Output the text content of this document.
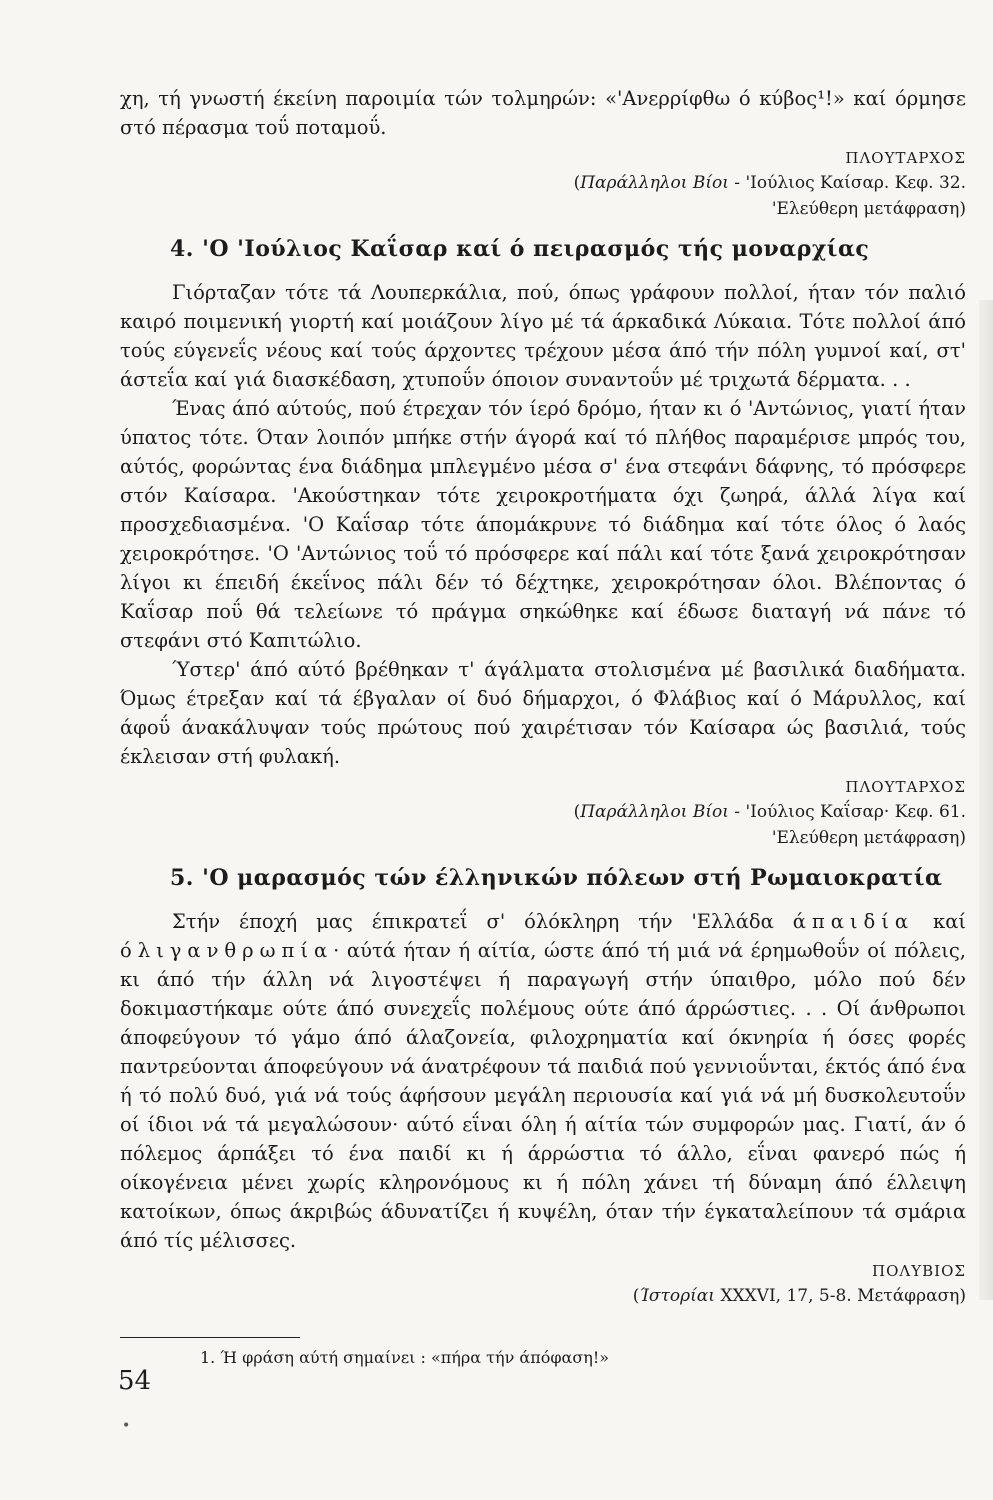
χη, τή γνωστή έκείνη παροιμία τών τολμηρών: «'Ανερρίφθω ό κύβος¹!» καί όρμησε στό πέρασμα τοΰ ποταμοΰ.

ΠΛΟΥΤΑΡΧΟΣ
(Παράλληλοι Βίοι - 'Ιούλιος Καίσαρ. Κεφ. 32.
'Ελεύθερη μετάφραση)
4. 'Ο 'Ιούλιος Καΐσαρ καί ό πειρασμός τής μοναρχίας

Γιόρταζαν τότε τά Λουπερκάλια, πού, όπως γράφουν πολλοί, ήταν τόν παλιό καιρό ποιμενική γιορτή καί μοιάζουν λίγο μέ τά άρκαδικά Λύκαια. Τότε πολλοί άπό τούς εύγενεΐς νέους καί τούς άρχοντες τρέχουν μέσα άπό τήν πόλη γυμνοί καί, στ' άστεΐα καί γιά διασκέδαση, χτυποΰν όποιον συναντοΰν μέ τριχωτά δέρματα. . .

Ένας άπό αύτούς, πού έτρεχαν τόν ίερό δρόμο, ήταν κι ό 'Αντώνιος, γιατί ήταν ύπατος τότε. Όταν λοιπόν μπήκε στήν άγορά καί τό πλήθος παραμέρισε μπρός του, αύτός, φορώντας ένα διάδημα μπλεγμένο μέσα σ' ένα στεφάνι δάφνης, τό πρόσφερε στόν Καίσαρα. 'Ακούστηκαν τότε χειροκροτήματα όχι ζωηρά, άλλά λίγα καί προσχεδιασμένα. 'Ο Καΐσαρ τότε άπομάκρυνε τό διάδημα καί τότε όλος ό λαός χειροκρότησε. 'Ο 'Αντώνιος τοΰ τό πρόσφερε καί πάλι καί τότε ξανά χειροκρότησαν λίγοι κι έπειδή έκεΐνος πάλι δέν τό δέχτηκε, χειροκρότησαν όλοι. Βλέποντας ό Καΐσαρ ποΰ θά τελείωνε τό πράγμα σηκώθηκε καί έδωσε διαταγή νά πάνε τό στεφάνι στό Καπιτώλιο.

Ύστερ' άπό αύτό βρέθηκαν τ' άγάλματα στολισμένα μέ βασιλικά διαδήματα. Όμως έτρεξαν καί τά έβγαλαν οί δυό δήμαρχοι, ό Φλάβιος καί ό Μάρυλλος, καί άφοΰ άνακάλυψαν τούς πρώτους πού χαιρέτισαν τόν Καίσαρα ώς βασιλιά, τούς έκλεισαν στή φυλακή.

ΠΛΟΥΤΑΡΧΟΣ
(Παράλληλοι Βίοι - 'Ιούλιος Καΐσαρ· Κεφ. 61.
'Ελεύθερη μετάφραση)
5. 'Ο μαρασμός τών έλληνικών πόλεων στή Ρωμαιοκρατία

Στήν έποχή μας έπικρατεΐ σ' όλόκληρη τήν 'Ελλάδα άπαιδία καί όλιγανθρωπία· αύτά ήταν ή αίτία, ώστε άπό τή μιά νά έρημωθοΰν οί πόλεις, κι άπό τήν άλλη νά λιγοστέψει ή παραγωγή στήν ύπαιθρο, μόλο πού δέν δοκιμαστήκαμε ούτε άπό συνεχεΐς πολέμους ούτε άπό άρρώστιες. . . Οί άνθρωποι άποφεύγουν τό γάμο άπό άλαζονεία, φιλοχρηματία καί όκνηρία ή όσες φορές παντρεύονται άποφεύγουν νά άνατρέφουν τά παιδιά πού γεννιοΰνται, έκτός άπό ένα ή τό πολύ δυό, γιά νά τούς άφήσουν μεγάλη περιουσία καί γιά νά μή δυσκολευτοΰν οί ίδιοι νά τά μεγαλώσουν· αύτό εΐναι όλη ή αίτία τών συμφορών μας. Γιατί, άν ό πόλεμος άρπάξει τό ένα παιδί κι ή άρρώστια τό άλλο, εΐναι φανερό πώς ή οίκογένεια μένει χωρίς κληρονόμους κι ή πόλη χάνει τή δύναμη άπό έλλειψη κατοίκων, όπως άκριβώς άδυνατίζει ή κυψέλη, όταν τήν έγκαταλείπουν τά σμάρια άπό τίς μέλισσες.

ΠΟΛΥΒΙΟΣ
(Ίστορίαι XXXVI, 17, 5-8. Μετάφραση)
1. Ή φράση αύτή σημαίνει : «πήρα τήν άπόφαση!»
54
•
